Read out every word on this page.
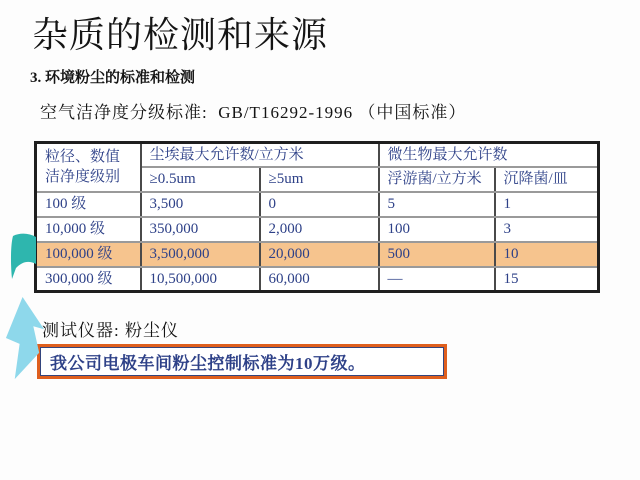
杂质的检测和来源
3. 环境粉尘的标准和检测
空气洁净度分级标准:  GB/T16292-1996 （中国标准）
粒径、数值洁净度级别	尘埃最大允许数/立方米		微生物最大允许数	
	≥0.5um	≥5um	浮游菌/立方米	沉降菌/皿
100 级	3,500	0	5	1
10,000 级	350,000	2,000	100	3
100,000 级	3,500,000	20,000	500	10
300,000 级	10,500,000	60,000	—	15
测试仪器: 粉尘仪
我公司电极车间粉尘控制标准为10万级。
